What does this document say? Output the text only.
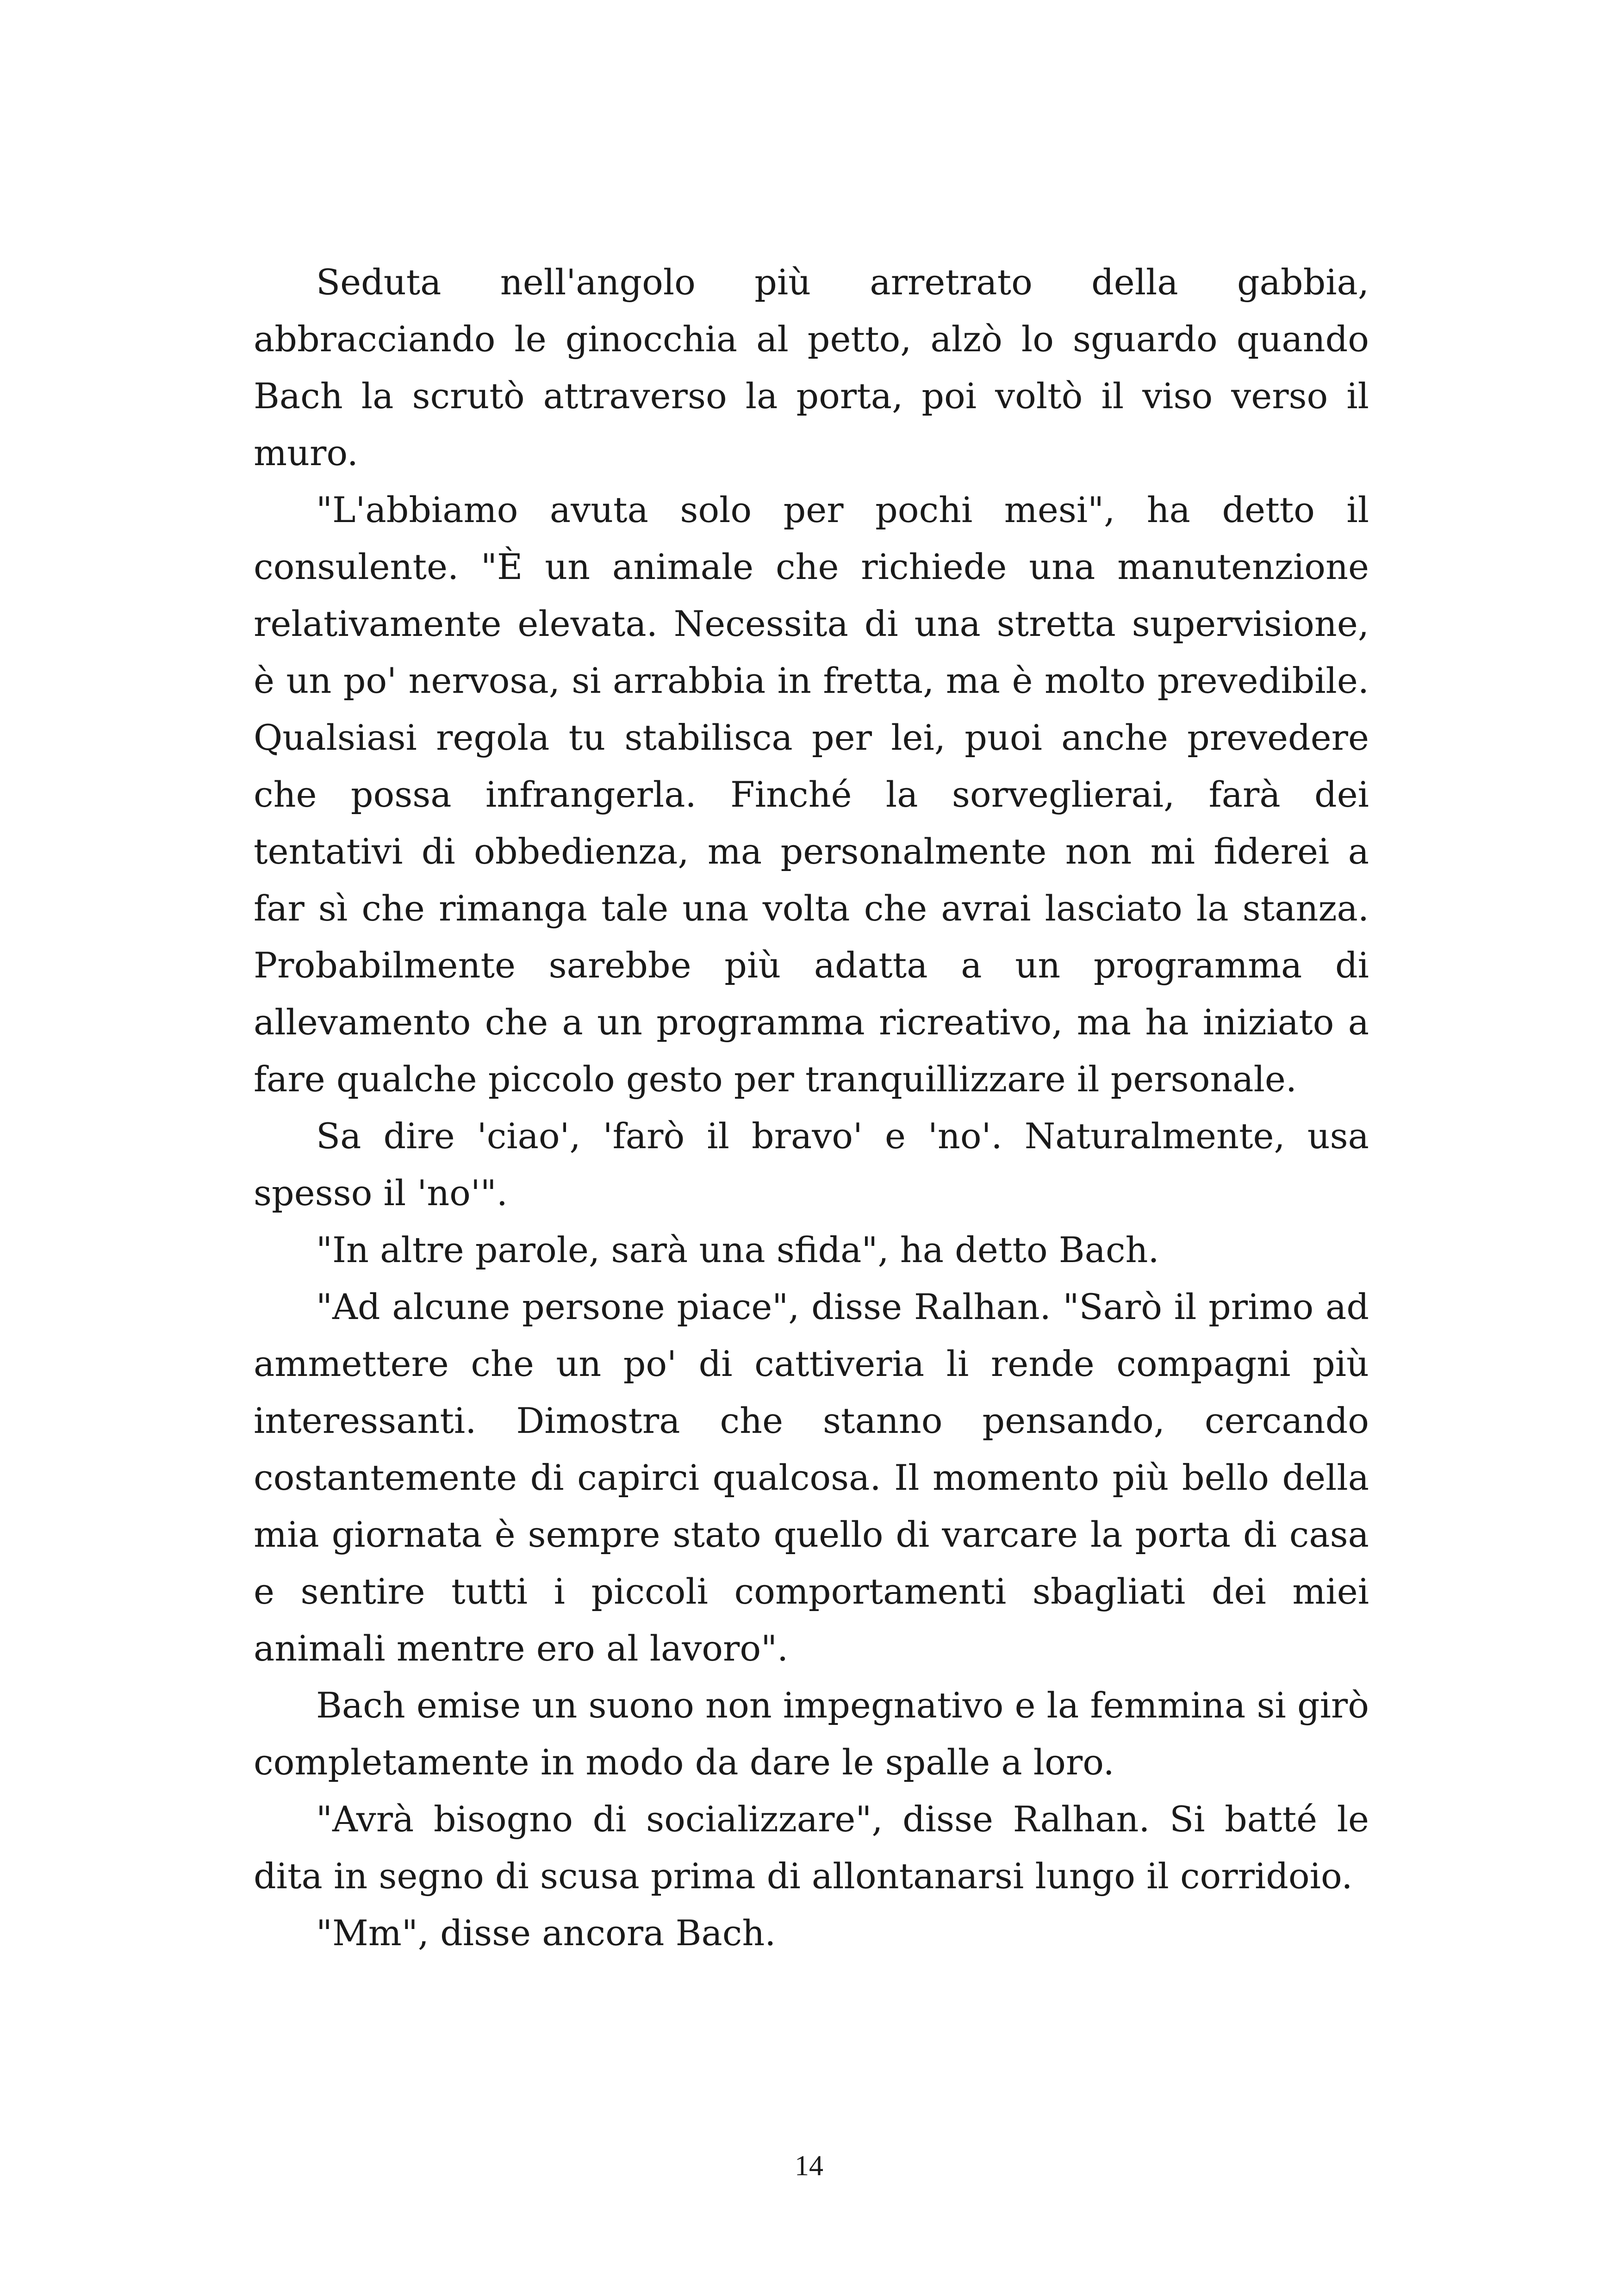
Seduta nell'angolo più arretrato della gabbia, abbracciando le ginocchia al petto, alzò lo sguardo quando Bach la scrutò attraverso la porta, poi voltò il viso verso il muro.

"L'abbiamo avuta solo per pochi mesi", ha detto il consulente. "È un animale che richiede una manutenzione relativamente elevata. Necessita di una stretta supervisione, è un po' nervosa, si arrabbia in fretta, ma è molto prevedibile. Qualsiasi regola tu stabilisca per lei, puoi anche prevedere che possa infrangerla. Finché la sorveglierai, farà dei tentativi di obbedienza, ma personalmente non mi fiderei a far sì che rimanga tale una volta che avrai lasciato la stanza. Probabilmente sarebbe più adatta a un programma di allevamento che a un programma ricreativo, ma ha iniziato a fare qualche piccolo gesto per tranquillizzare il personale.

Sa dire 'ciao', 'farò il bravo' e 'no'. Naturalmente, usa spesso il 'no'".

"In altre parole, sarà una sfida", ha detto Bach.

"Ad alcune persone piace", disse Ralhan. "Sarò il primo ad ammettere che un po' di cattiveria li rende compagni più interessanti. Dimostra che stanno pensando, cercando costantemente di capirci qualcosa. Il momento più bello della mia giornata è sempre stato quello di varcare la porta di casa e sentire tutti i piccoli comportamenti sbagliati dei miei animali mentre ero al lavoro".

Bach emise un suono non impegnativo e la femmina si girò completamente in modo da dare le spalle a loro.

"Avrà bisogno di socializzare", disse Ralhan. Si batté le dita in segno di scusa prima di allontanarsi lungo il corridoio.

"Mm", disse ancora Bach.

14
